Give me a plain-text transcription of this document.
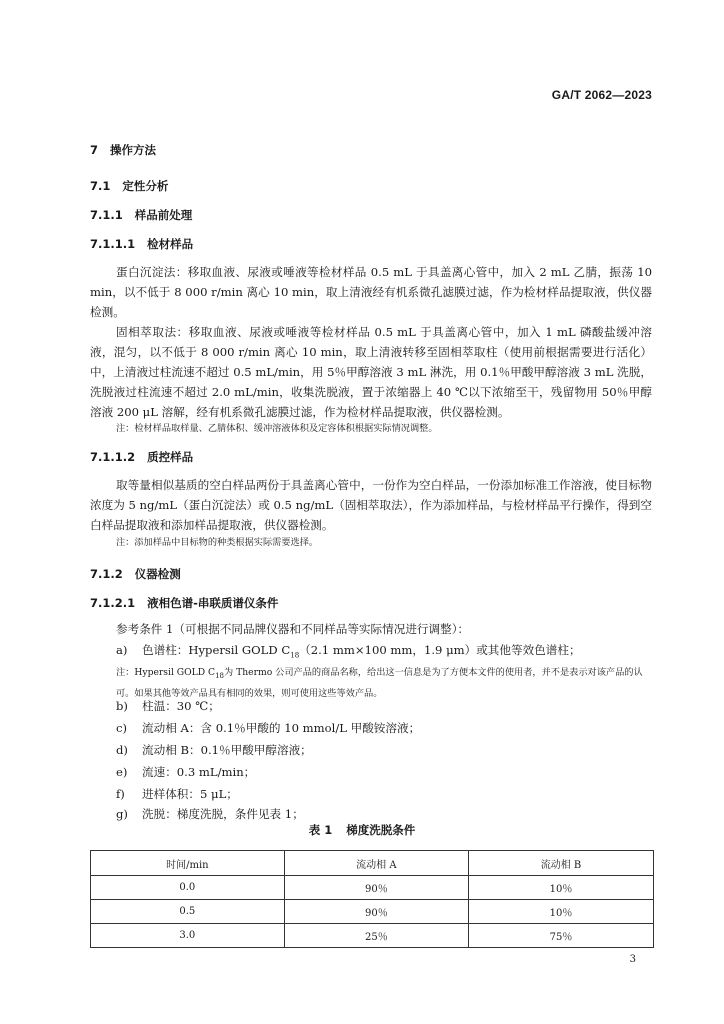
GA/T 2062—2023
7 操作方法
7.1 定性分析
7.1.1 样品前处理
7.1.1.1 检材样品

蛋白沉淀法：移取血液、尿液或唾液等检材样品 0.5 mL 于具盖离心管中，加入 2 mL 乙腈，振荡 10 min，以不低于 8 000 r/min 离心 10 min，取上清液经有机系微孔滤膜过滤，作为检材样品提取液，供仪器检测。

固相萃取法：移取血液、尿液或唾液等检材样品 0.5 mL 于具盖离心管中，加入 1 mL 磷酸盐缓冲溶液，混匀，以不低于 8 000 r/min 离心 10 min，取上清液转移至固相萃取柱（使用前根据需要进行活化）中，上清液过柱流速不超过 0.5 mL/min，用 5％甲醇溶液 3 mL 淋洗，用 0.1％甲酸甲醇溶液 3 mL 洗脱，洗脱液过柱流速不超过 2.0 mL/min，收集洗脱液，置于浓缩器上 40 ℃以下浓缩至干，残留物用 50％甲醇溶液 200 μL 溶解，经有机系微孔滤膜过滤，作为检材样品提取液，供仪器检测。

注：检材样品取样量、乙腈体积、缓冲溶液体积及定容体积根据实际情况调整。

7.1.1.2 质控样品

取等量相似基质的空白样品两份于具盖离心管中，一份作为空白样品，一份添加标准工作溶液，使目标物浓度为 5 ng/mL（蛋白沉淀法）或 0.5 ng/mL（固相萃取法），作为添加样品，与检材样品平行操作，得到空白样品提取液和添加样品提取液，供仪器检测。

注：添加样品中目标物的种类根据实际需要选择。

7.1.2 仪器检测
7.1.2.1 液相色谱-串联质谱仪条件
参考条件 1（可根据不同品牌仪器和不同样品等实际情况进行调整）：
a) 色谱柱：Hypersil GOLD $C_{18}(2.1$ mm×100 mm，1.9 μm）或其他等效色谱柱；

注：Hypersil GOLD $C_{18}$为 Thermo 公司产品的商品名称，给出这一信息是为了方便本文件的使用者，并不是表示对该产品的认可。如果其他等效产品具有相同的效果，则可使用这些等效产品。

b) 柱温：30 ℃；
c) 流动相 A：含 0.1％甲酸的 10 mmol/L 甲酸铵溶液；
d) 流动相 B：0.1％甲酸甲醇溶液；
e) 流速：0.3 mL/min；
f) 进样体积：5 μL；
g) 洗脱：梯度洗脱，条件见表 1；
表 1 梯度洗脱条件
时间/min	流动相 A	流动相 B
0.0	90％	10％
0.5	90％	10％
3.0	25％	75％
3
